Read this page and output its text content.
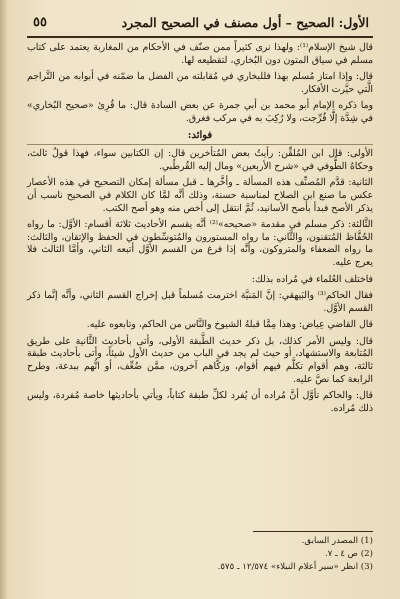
الأول: الصحيح – أول مصنف في الصحيح المجرد
٥٥

قال شيخ الإسلام⁽¹⁾: ولهذا نرى كثيراً ممن صنّف في الأحكام من المغاربة يعتمد على كتاب مسلم في سياق المتون دون البُخاري، لتقطيعه لها.

قال: وإذا امتاز مُسلم بهذا فللبخاري في مُقابلته من الفضل ما ضمّنه في أبوابه من التَّراجم الَّتي حيَّرت الأفكار.

وما ذكره الإمام أبو محمد بن أبي جمرة عن بعض السادة قال: ما قُرِئ «صحيح البُخاري» في شِدَّة إلَّا فُرِّجت، ولا رُكِبَ به في مركب فغرق.

فوائد:

الأولى: قال ابن المُلقِّن: رأيتُ بعض المُتأخرين قال: إن الكتابين سواء، فهذا قولٌ ثالث، وحكاهُ الطُّوفي في «شرح الأربعين» ومال إليه القُرطُبي.

الثانية: قدَّم المُصنِّف هذه المسألة ـ وأخَّرها ـ قبل مسألة إمكان التصحيح في هذه الأعصار عكس ما صنع ابن الصلاح لمناسبة حسنة، وذلك أنَّه لمَّا كان الكلام في الصحيح ناسب أن يذكر الأصح فبدأ بأصح الأسانيد، ثُمَّ انتقل إلى أخص منه وهو أصح الكتب.

الثَّالثة: ذكر مسلم في مقدمة «صحيحه»⁽²⁾ أنَّه يقسم الأحاديث ثلاثة أقسام: الأوَّل: ما رواه الحُفَّاظ المُتقنون، والثَّاني: ما رواه المستورون والمُتوسِّطون في الحفظ والإتقان، والثالث: ما رواه الضعفاء والمتروكون، وأنَّه إذا فرغ من القسم الأوَّل أتبعه الثاني، وأمَّا الثالث فلا يعرج عليه.

فاختلف العُلماء في مُراده بذلك:

فقال الحاكم⁽³⁾ والبَيهقي: إنَّ المَنيَّة اخترمت مُسلماً قبل إخراج القسم الثاني، وأنَّه إنَّما ذكر القسم الأوَّل.

قال القاضي عِياض: وهذا مِمَّا قبلهُ الشيوخ والنَّاس من الحاكم، وتابعوه عليه.

قال: وليس الأمر كذلك، بل ذكر حديث الطَّبقة الأولى، وأتى بأحاديث الثَّانية على طريق المُتابعة والاستشهاد، أو حيث لم يجد في الباب من حديث الأول شيئاً، وأتى بأحاديث طبقة ثالثة، وهم أقوام تكلَّم فيهم أقوام، وزكَّاهم آخرون، ممَّن ضُعِّف، أو اتُّهم ببدعة، وطرح الرابعة كما نصَّ عليه.

قال: والحاكم تأوَّل أنَّ مُراده أن يُفرد لكلِّ طبقة كتاباً، ويأتي بأحاديثها خاصة مُفردة، وليس ذلك مُراده.

(1) المصدر السابق.

(2) ص ٤ ـ ٧.

(3) انظر «سير أعلام النبلاء» ١٢/٥٧٤ ـ ٥٧٥.
